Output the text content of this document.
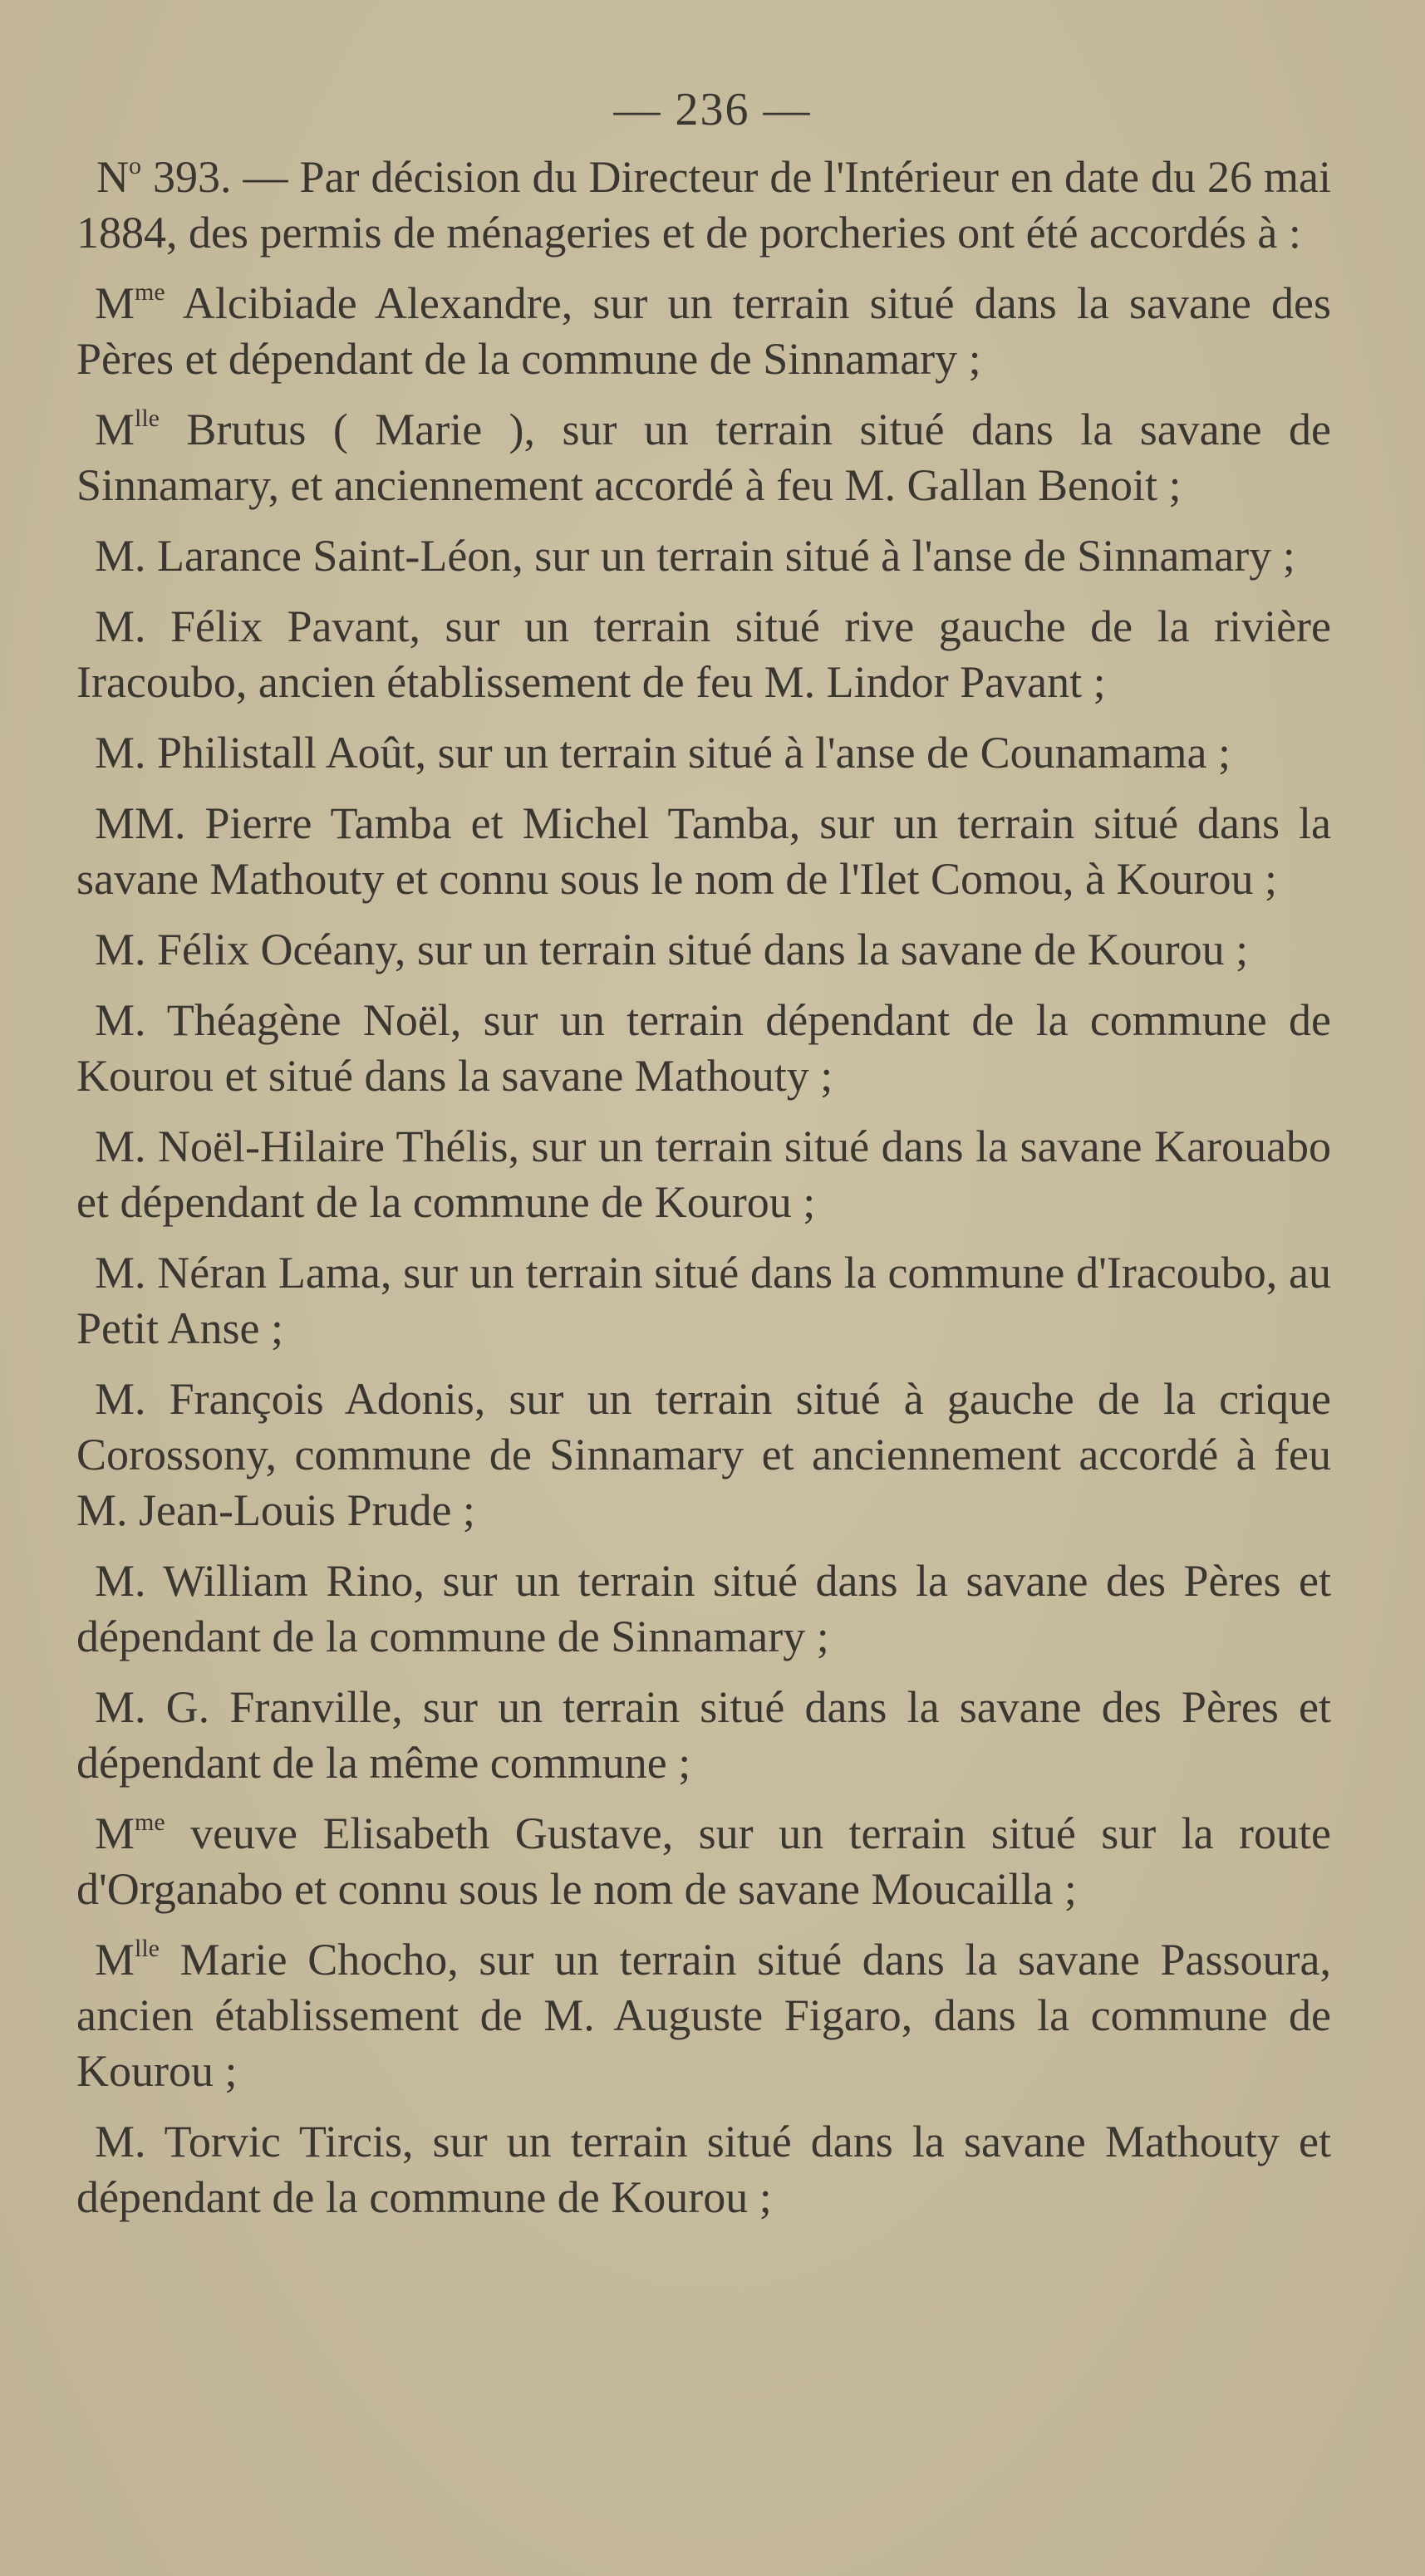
— 236 —

$N^o$ 393. — Par décision du Directeur de l'Intérieur en date du 26 mai 1884, des permis de ménageries et de porcheries ont été accordés à :

$M^{me}$ Alcibiade Alexandre, sur un terrain situé dans la savane des Pères et dépendant de la commune de Sinnamary ;

$M^{lle}$ Brutus ( Marie ), sur un terrain situé dans la savane de Sinnamary, et anciennement accordé à feu M. Gallan Benoit ;

M. Larance Saint-Léon, sur un terrain situé à l'anse de Sinnamary ;

M. Félix Pavant, sur un terrain situé rive gauche de la rivière Iracoubo, ancien établissement de feu M. Lindor Pavant ;

M. Philistall Août, sur un terrain situé à l'anse de Counamama ;

MM. Pierre Tamba et Michel Tamba, sur un terrain situé dans la savane Mathouty et connu sous le nom de l'Ilet Comou, à Kourou ;

M. Félix Océany, sur un terrain situé dans la savane de Kourou ;

M. Théagène Noël, sur un terrain dépendant de la commune de Kourou et situé dans la savane Mathouty ;

M. Noël-Hilaire Thélis, sur un terrain situé dans la savane Karouabo et dépendant de la commune de Kourou ;

M. Néran Lama, sur un terrain situé dans la commune d'Iracoubo, au Petit Anse ;

M. François Adonis, sur un terrain situé à gauche de la crique Corossony, commune de Sinnamary et anciennement accordé à feu M. Jean-Louis Prude ;

M. William Rino, sur un terrain situé dans la savane des Pères et dépendant de la commune de Sinnamary ;

M. G. Franville, sur un terrain situé dans la savane des Pères et dépendant de la même commune ;

$M^{me}$ veuve Elisabeth Gustave, sur un terrain situé sur la route d'Organabo et connu sous le nom de savane Moucailla ;

$M^{lle}$ Marie Chocho, sur un terrain situé dans la savane Passoura, ancien établissement de M. Auguste Figaro, dans la commune de Kourou ;

M. Torvic Tircis, sur un terrain situé dans la savane Mathouty et dépendant de la commune de Kourou ;
